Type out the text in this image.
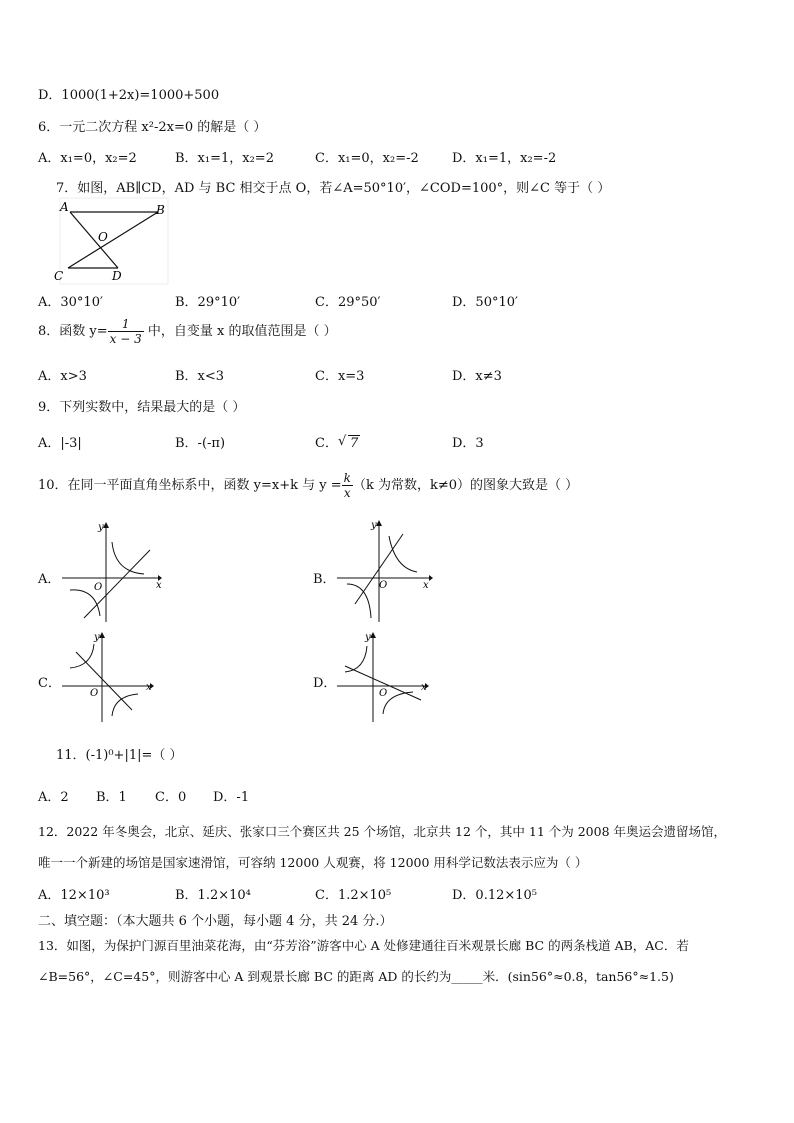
D．1000(1+2x)=1000+500
6．一元二次方程 x²-2x=0 的解是（ ）
A．x₁=0，x₂=2	B．x₁=1，x₂=2	C．x₁=0，x₂=-2	D．x₁=1，x₂=-2
7．如图，AB∥CD，AD 与 BC 相交于点 O，若∠A=50°10′，∠COD=100°，则∠C 等于（ ）
A	B
O
C	D
A．30°10′	B．29°10′	C．29°50′	D．50°10′
8．函数 $y= \frac{1}{x - 3}$ 中，自变量 x 的取值范围是（ ）
A．x>3	B．x<3	C．x=3	D．x≠3
9．下列实数中，结果最大的是（ ）
A．|-3|	B．-(-π)	C． √ 7	D．3
10．在同一平面直角坐标系中，函数 y=x+k 与 $y = \frac{k}{x} (k$ 为常数，k≠0）的图象大致是（ ）
A．
y
x
O
B．
y
x
O
C．
y
x
O
D．
y
x
O
11．(-1)⁰+|1|=（ ）
A．2 B．1 C．0 D．-1
12．2022 年冬奥会，北京、延庆、张家口三个赛区共 25 个场馆，北京共 12 个，其中 11 个为 2008 年奥运会遗留场馆，
唯一一个新建的场馆是国家速滑馆，可容纳 12000 人观赛，将 12000 用科学记数法表示应为（ ）
A．12×10³	B．1.2×10⁴	C．1.2×10⁵	D．0.12×10⁵
二、填空题：（本大题共 6 个小题，每小题 4 分，共 24 分.）
13．如图，为保护门源百里油菜花海，由“芬芳浴”游客中心 A 处修建通往百米观景长廊 BC 的两条栈道 AB，AC．若
∠B=56°，∠C=45°，则游客中心 A 到观景长廊 BC 的距离 AD 的长约为_____米．(sin56°≈0.8，tan56°≈1.5)
